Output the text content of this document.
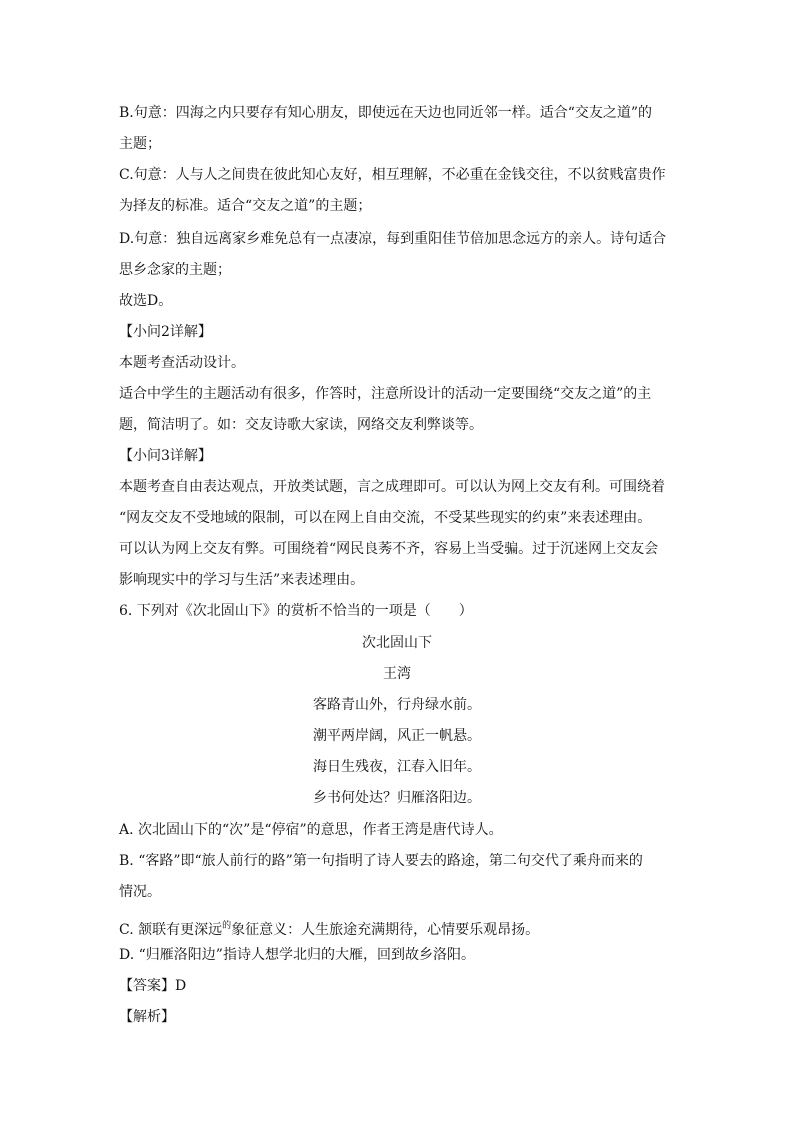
B.句意：四海之内只要存有知心朋友，即使远在天边也同近邻一样。适合“交友之道”的
主题；
C.句意：人与人之间贵在彼此知心友好，相互理解，不必重在金钱交往，不以贫贱富贵作
为择友的标准。适合“交友之道”的主题；
D.句意：独自远离家乡难免总有一点凄凉，每到重阳佳节倍加思念远方的亲人。诗句适合
思乡念家的主题；
故选D。
【小问2详解】
本题考查活动设计。
适合中学生的主题活动有很多，作答时，注意所设计的活动一定要围绕“交友之道”的主
题，简洁明了。如：交友诗歌大家读，网络交友利弊谈等。
【小问3详解】
本题考查自由表达观点，开放类试题，言之成理即可。可以认为网上交友有利。可围绕着
“网友交友不受地域的限制，可以在网上自由交流，不受某些现实的约束”来表述理由。
可以认为网上交友有弊。可围绕着“网民良莠不齐，容易上当受骗。过于沉迷网上交友会
影响现实中的学习与生活”来表述理由。
6. 下列对《次北固山下》的赏析不恰当的一项是（　　）
次北固山下
王湾
客路青山外，行舟绿水前。
潮平两岸阔，风正一帆悬。
海日生残夜，江春入旧年。
乡书何处达？归雁洛阳边。
A. 次北固山下的“次”是“停宿”的意思，作者王湾是唐代诗人。
B. “客路”即“旅人前行的路”第一句指明了诗人要去的路途，第二句交代了乘舟而来的
情况。
C. 颔联有更深远$^的$象征意义：人生旅途充满期待，心情要乐观昂扬。
D. “归雁洛阳边”指诗人想学北归的大雁，回到故乡洛阳。
【答案】D
【解析】
